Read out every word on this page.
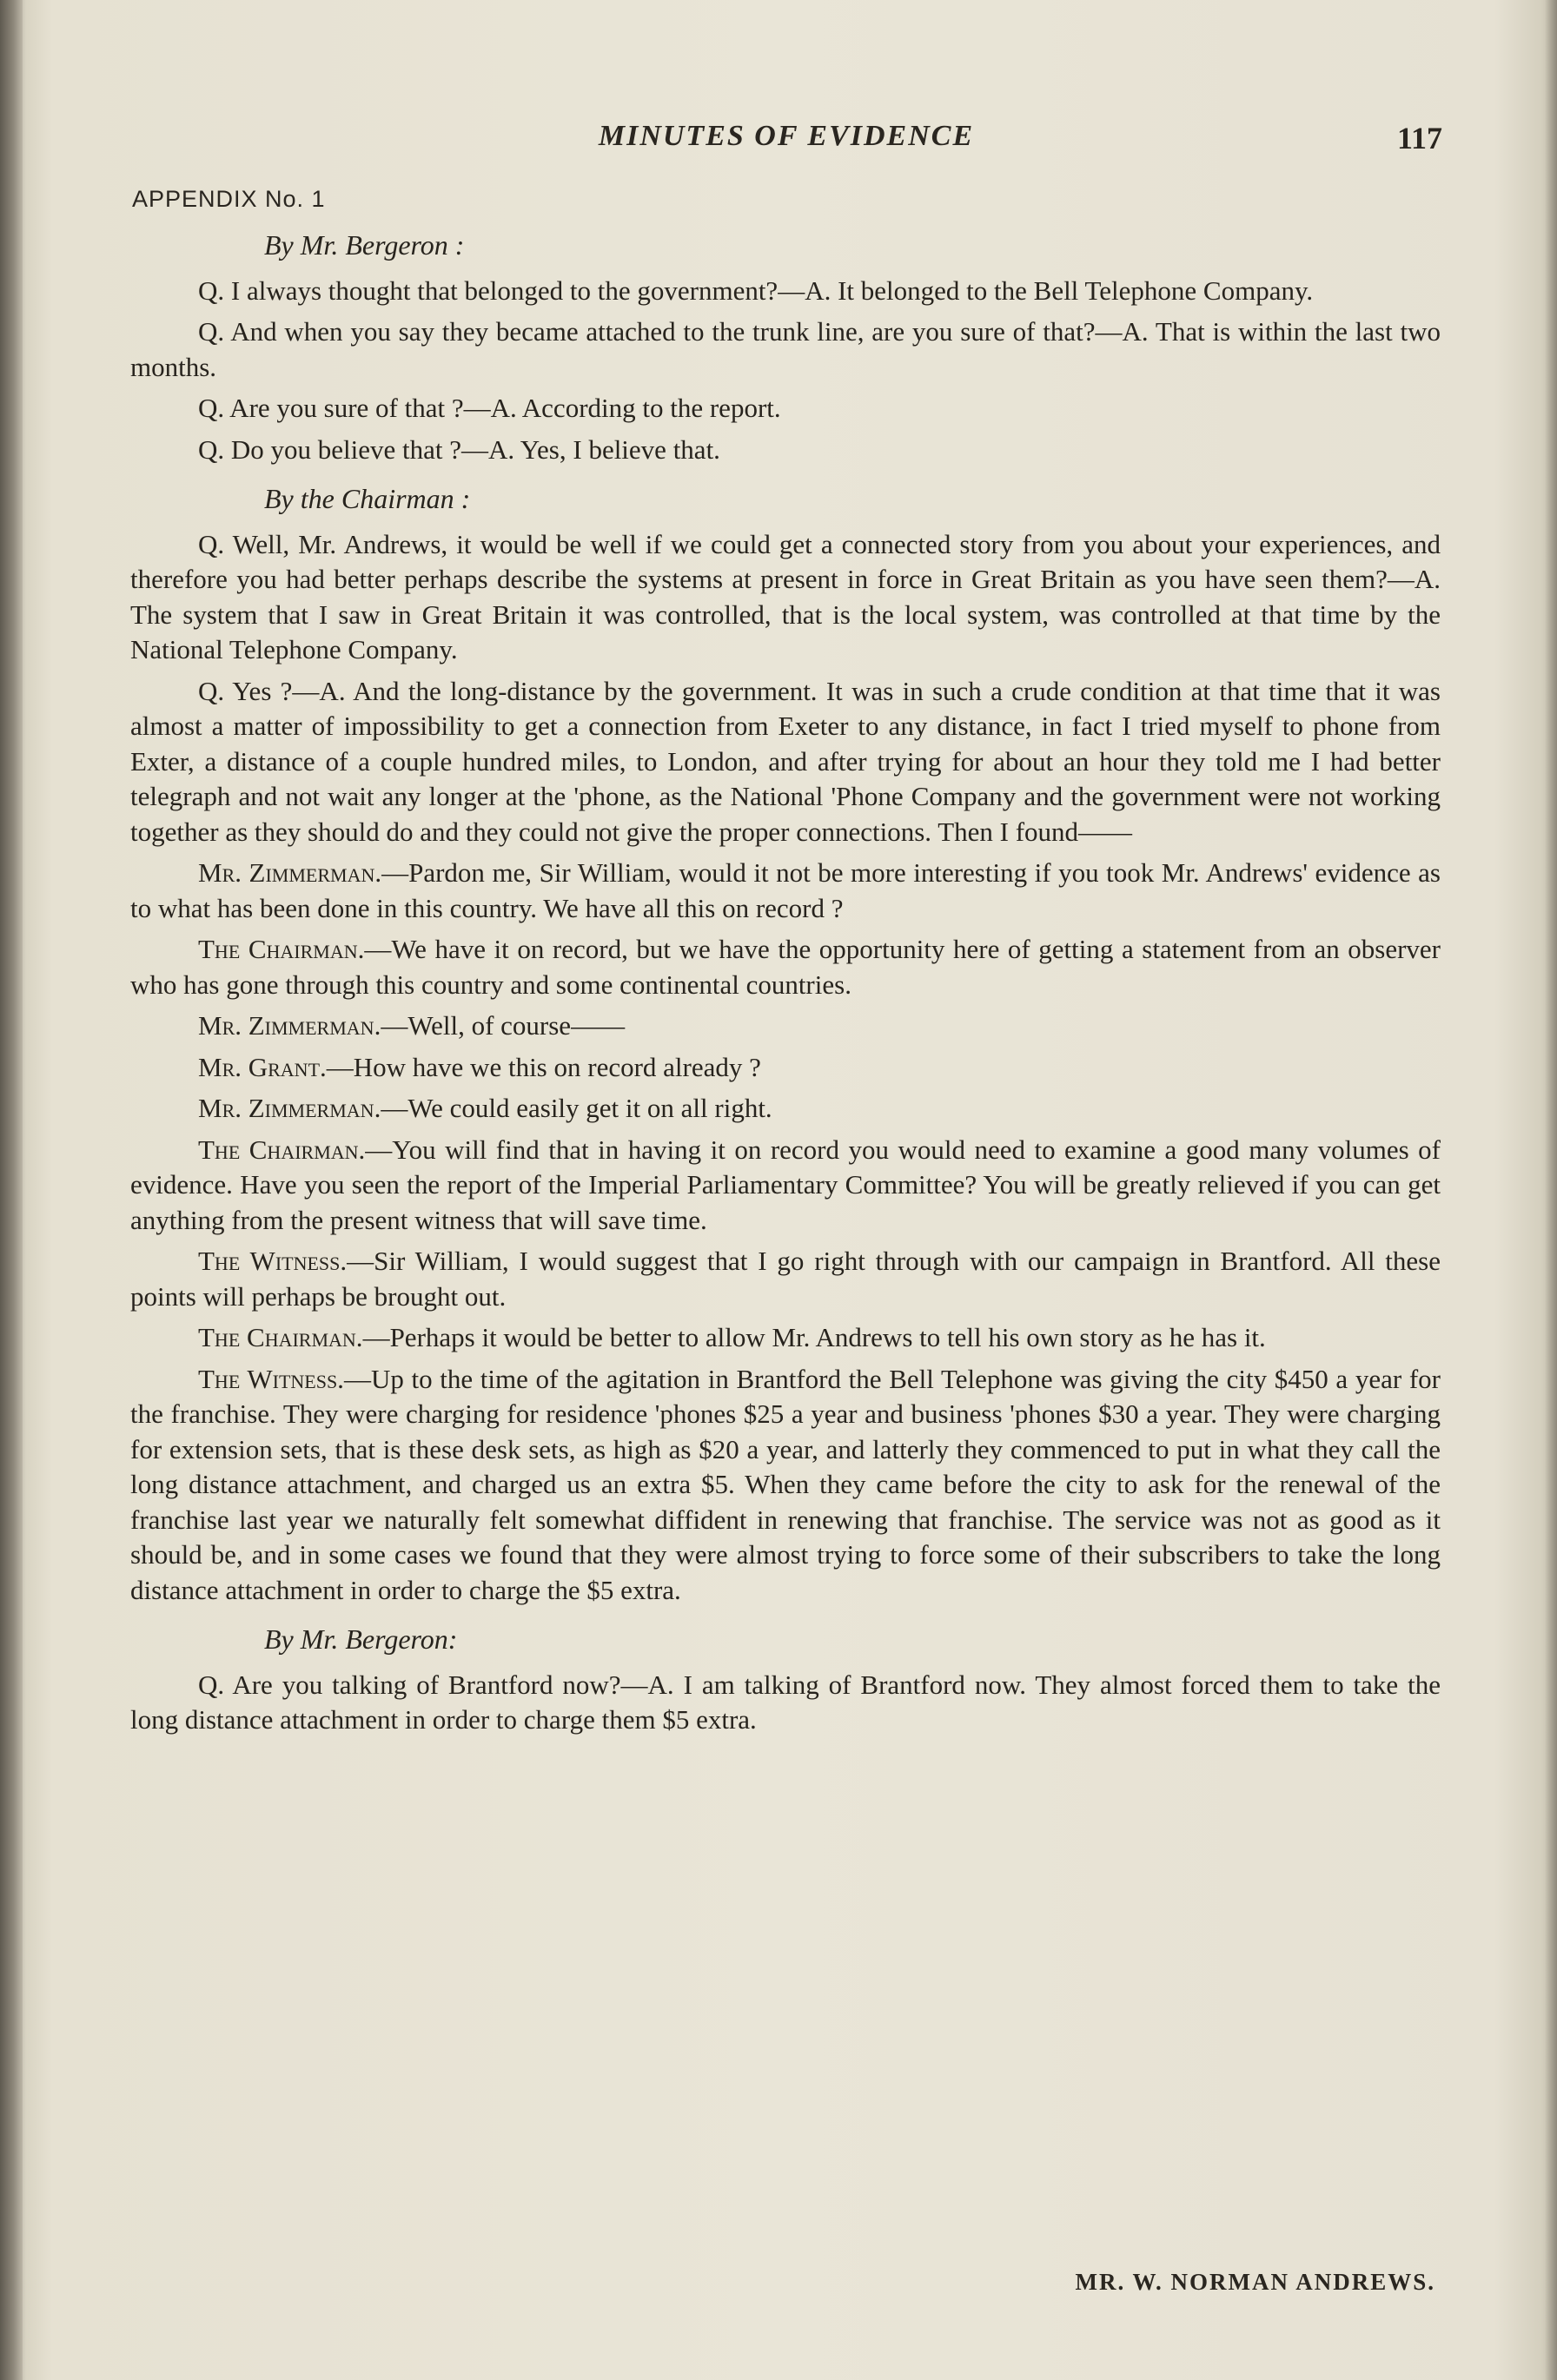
MINUTES OF EVIDENCE	117
APPENDIX No. 1

By Mr. Bergeron :

Q. I always thought that belonged to the government?—A. It belonged to the Bell Telephone Company.

Q. And when you say they became attached to the trunk line, are you sure of that?—A. That is within the last two months.

Q. Are you sure of that ?—A. According to the report.

Q. Do you believe that ?—A. Yes, I believe that.

By the Chairman :

Q. Well, Mr. Andrews, it would be well if we could get a connected story from you about your experiences, and therefore you had better perhaps describe the systems at present in force in Great Britain as you have seen them?—A. The system that I saw in Great Britain it was controlled, that is the local system, was controlled at that time by the National Telephone Company.

Q. Yes ?—A. And the long-distance by the government. It was in such a crude condition at that time that it was almost a matter of impossibility to get a connection from Exeter to any distance, in fact I tried myself to phone from Exter, a distance of a couple hundred miles, to London, and after trying for about an hour they told me I had better telegraph and not wait any longer at the 'phone, as the National 'Phone Company and the government were not working together as they should do and they could not give the proper connections. Then I found——

Mr. Zimmerman.—Pardon me, Sir William, would it not be more interesting if you took Mr. Andrews' evidence as to what has been done in this country. We have all this on record ?

The Chairman.—We have it on record, but we have the opportunity here of getting a statement from an observer who has gone through this country and some continental countries.

Mr. Zimmerman.—Well, of course——

Mr. Grant.—How have we this on record already ?

Mr. Zimmerman.—We could easily get it on all right.

The Chairman.—You will find that in having it on record you would need to examine a good many volumes of evidence. Have you seen the report of the Imperial Parliamentary Committee? You will be greatly relieved if you can get anything from the present witness that will save time.

The Witness.—Sir William, I would suggest that I go right through with our campaign in Brantford. All these points will perhaps be brought out.

The Chairman.—Perhaps it would be better to allow Mr. Andrews to tell his own story as he has it.

The Witness.—Up to the time of the agitation in Brantford the Bell Telephone was giving the city $450 a year for the franchise. They were charging for residence 'phones $25 a year and business 'phones $30 a year. They were charging for extension sets, that is these desk sets, as high as $20 a year, and latterly they commenced to put in what they call the long distance attachment, and charged us an extra $5. When they came before the city to ask for the renewal of the franchise last year we naturally felt somewhat diffident in renewing that franchise. The service was not as good as it should be, and in some cases we found that they were almost trying to force some of their subscribers to take the long distance attachment in order to charge the $5 extra.

By Mr. Bergeron:

Q. Are you talking of Brantford now?—A. I am talking of Brantford now. They almost forced them to take the long distance attachment in order to charge them $5 extra.

MR. W. NORMAN ANDREWS.
